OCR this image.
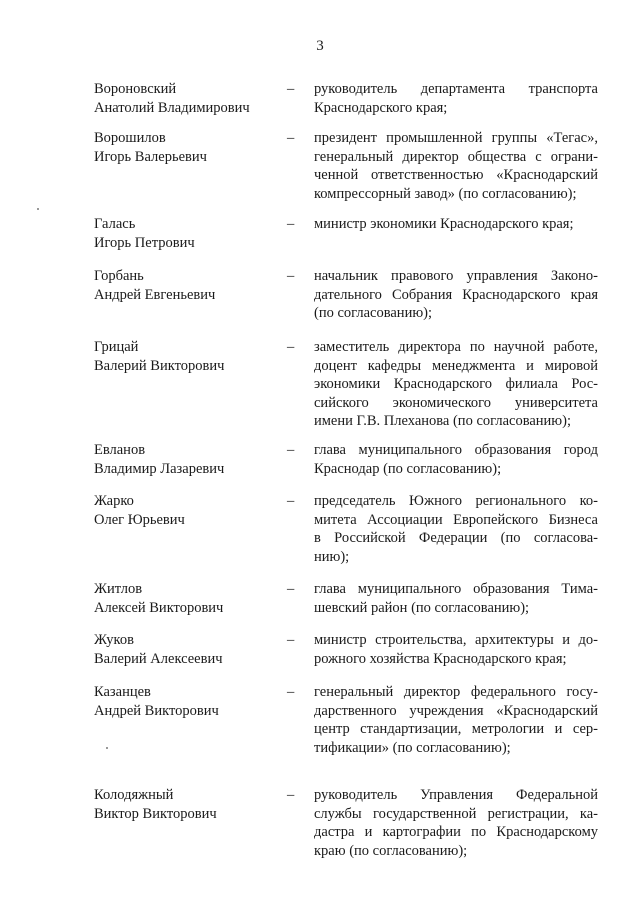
3
Вороновский
Анатолий Владимирович
– руководитель департамента транспорта
Краснодарского края;
Ворошилов
Игорь Валерьевич
– президент промышленной группы «Тегас»,
генеральный директор общества с ограни-
ченной ответственностью «Краснодарский
компрессорный завод» (по согласованию);
Галась
Игорь Петрович
– министр экономики Краснодарского края;
Горбань
Андрей Евгеньевич
– начальник правового управления Законо-
дательного Собрания Краснодарского края
(по согласованию);
Грицай
Валерий Викторович
– заместитель директора по научной работе,
доцент кафедры менеджмента и мировой
экономики Краснодарского филиала Рос-
сийского экономического университета
имени Г.В. Плеханова (по согласованию);
Евланов
Владимир Лазаревич
– глава муниципального образования город
Краснодар (по согласованию);
Жарко
Олег Юрьевич
– председатель Южного регионального ко-
митета Ассоциации Европейского Бизнеса
в Российской Федерации (по согласова-
нию);
Житлов
Алексей Викторович
– глава муниципального образования Тима-
шевский район (по согласованию);
Жуков
Валерий Алексеевич
– министр строительства, архитектуры и до-
рожного хозяйства Краснодарского края;
Казанцев
Андрей Викторович
– генеральный директор федерального госу-
дарственного учреждения «Краснодарский
центр стандартизации, метрологии и сер-
тификации» (по согласованию);
Колодяжный
Виктор Викторович
– руководитель Управления Федеральной
службы государственной регистрации, ка-
дастра и картографии по Краснодарскому
краю (по согласованию);
